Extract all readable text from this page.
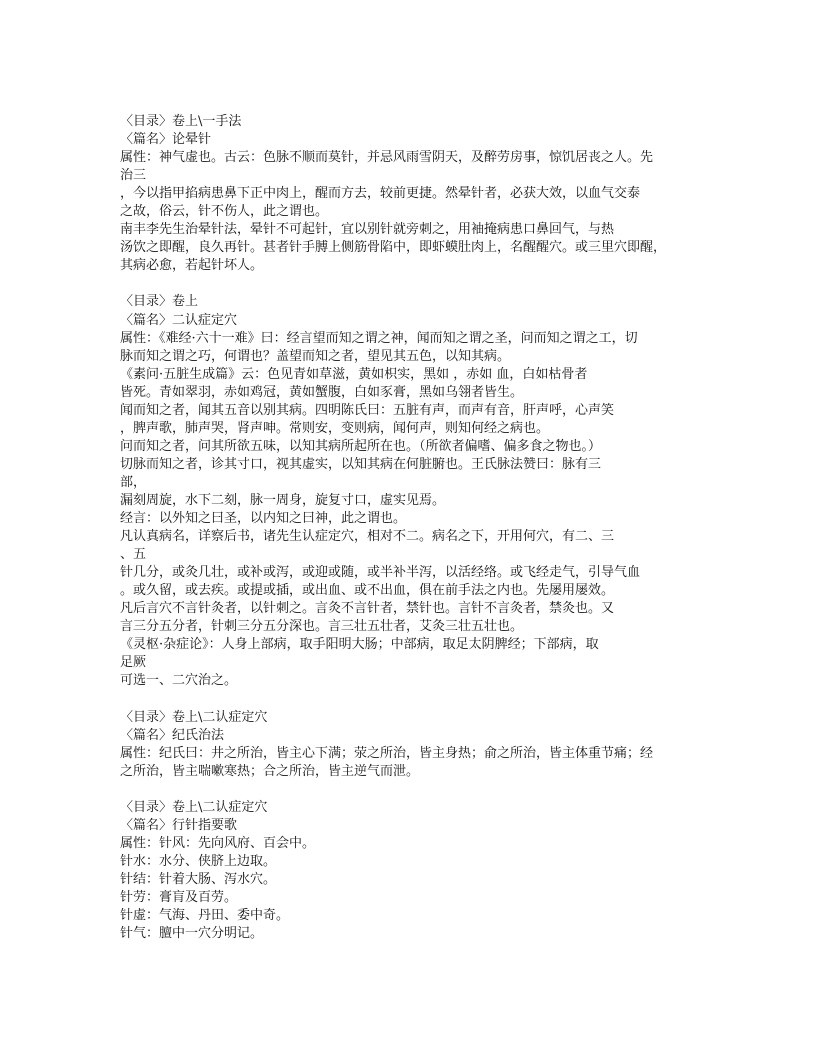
〈目录〉卷上\一手法
〈篇名〉论晕针
属性：神气虚也。古云：色脉不顺而莫针，并忌风雨雪阴天，及醉劳房事，惊饥居丧之人。先
治三
，今以指甲掐病患鼻下正中肉上，醒而方去，较前更捷。然晕针者，必获大效，以血气交泰
之故，俗云，针不伤人，此之谓也。
南丰李先生治晕针法，晕针不可起针，宜以别针就旁刺之，用袖掩病患口鼻回气，与热
汤饮之即醒，良久再针。甚者针手膊上侧筋骨陷中，即虾蟆肚肉上，名醒醒穴。或三里穴即醒，
其病必愈，若起针坏人。
〈目录〉卷上
〈篇名〉二认症定穴
属性：《难经·六十一难》曰：经言望而知之谓之神，闻而知之谓之圣，问而知之谓之工，切
脉而知之谓之巧，何谓也？盖望而知之者，望见其五色，以知其病。
《素问·五脏生成篇》云：色见青如草滋，黄如枳实，黑如 ，赤如 血，白如枯骨者
皆死。青如翠羽，赤如鸡冠，黄如蟹腹，白如豕膏，黑如乌翎者皆生。
闻而知之者，闻其五音以别其病。四明陈氏曰：五脏有声，而声有音，肝声呼，心声笑
，脾声歌，肺声哭，肾声呻。常则安，变则病，闻何声，则知何经之病也。
问而知之者，问其所欲五味，以知其病所起所在也。（所欲者偏嗜、偏多食之物也。）
切脉而知之者，诊其寸口，视其虚实，以知其病在何脏腑也。王氏脉法赞曰：脉有三
部，
漏刻周旋，水下二刻，脉一周身，旋复寸口，虚实见焉。
经言：以外知之曰圣，以内知之曰神，此之谓也。
凡认真病名，详察后书，诸先生认症定穴，相对不二。病名之下，开用何穴，有二、三
、五
针几分，或灸几壮，或补或泻，或迎或随，或半补半泻，以活经络。或飞经走气，引导气血
。或久留，或去疾。或提或插，或出血、或不出血，俱在前手法之内也。先屡用屡效。
凡后言穴不言针灸者，以针刺之。言灸不言针者，禁针也。言针不言灸者，禁灸也。又
言三分五分者，针刺三分五分深也。言三壮五壮者，艾灸三壮五壮也。
《灵枢·杂症论》：人身上部病，取手阳明大肠；中部病，取足太阴脾经；下部病，取
足厥
可选一、二穴治之。
〈目录〉卷上\二认症定穴
〈篇名〉纪氏治法
属性：纪氏曰：井之所治，皆主心下满；荥之所治，皆主身热；俞之所治，皆主体重节痛；经
之所治，皆主喘嗽寒热；合之所治，皆主逆气而泄。
〈目录〉卷上\二认症定穴
〈篇名〉行针指要歌
属性：针风：先向风府、百会中。
针水：水分、侠脐上边取。
针结：针着大肠、泻水穴。
针劳：膏肓及百劳。
针虚：气海、丹田、委中奇。
针气：膻中一穴分明记。
